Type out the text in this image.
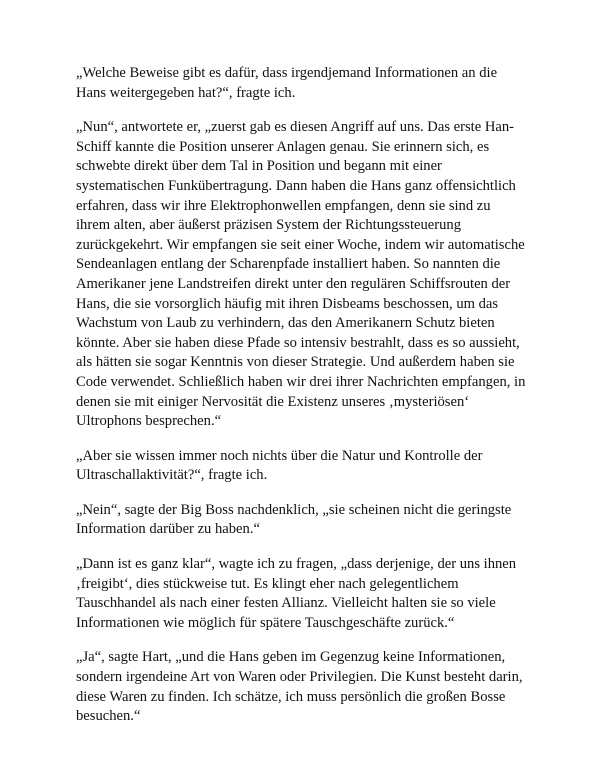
„Welche Beweise gibt es dafür, dass irgendjemand Informationen an die Hans weitergegeben hat?“, fragte ich.

„Nun“, antwortete er, „zuerst gab es diesen Angriff auf uns. Das erste Han-Schiff kannte die Position unserer Anlagen genau. Sie erinnern sich, es schwebte direkt über dem Tal in Position und begann mit einer systematischen Funkübertragung. Dann haben die Hans ganz offensichtlich erfahren, dass wir ihre Elektrophonwellen empfangen, denn sie sind zu ihrem alten, aber äußerst präzisen System der Richtungssteuerung zurückgekehrt. Wir empfangen sie seit einer Woche, indem wir automatische Sendeanlagen entlang der Scharenpfade installiert haben. So nannten die Amerikaner jene Landstreifen direkt unter den regulären Schiffsrouten der Hans, die sie vorsorglich häufig mit ihren Disbeams beschossen, um das Wachstum von Laub zu verhindern, das den Amerikanern Schutz bieten könnte. Aber sie haben diese Pfade so intensiv bestrahlt, dass es so aussieht, als hätten sie sogar Kenntnis von dieser Strategie. Und außerdem haben sie Code verwendet. Schließlich haben wir drei ihrer Nachrichten empfangen, in denen sie mit einiger Nervosität die Existenz unseres ‚mysteriösen‘ Ultrophons besprechen.“

„Aber sie wissen immer noch nichts über die Natur und Kontrolle der Ultraschallaktivität?“, fragte ich.

„Nein“, sagte der Big Boss nachdenklich, „sie scheinen nicht die geringste Information darüber zu haben.“

„Dann ist es ganz klar“, wagte ich zu fragen, „dass derjenige, der uns ihnen ‚freigibt‘, dies stückweise tut. Es klingt eher nach gelegentlichem Tauschhandel als nach einer festen Allianz. Vielleicht halten sie so viele Informationen wie möglich für spätere Tauschgeschäfte zurück.“

„Ja“, sagte Hart, „und die Hans geben im Gegenzug keine Informationen, sondern irgendeine Art von Waren oder Privilegien. Die Kunst besteht darin, diese Waren zu finden. Ich schätze, ich muss persönlich die großen Bosse besuchen.“
